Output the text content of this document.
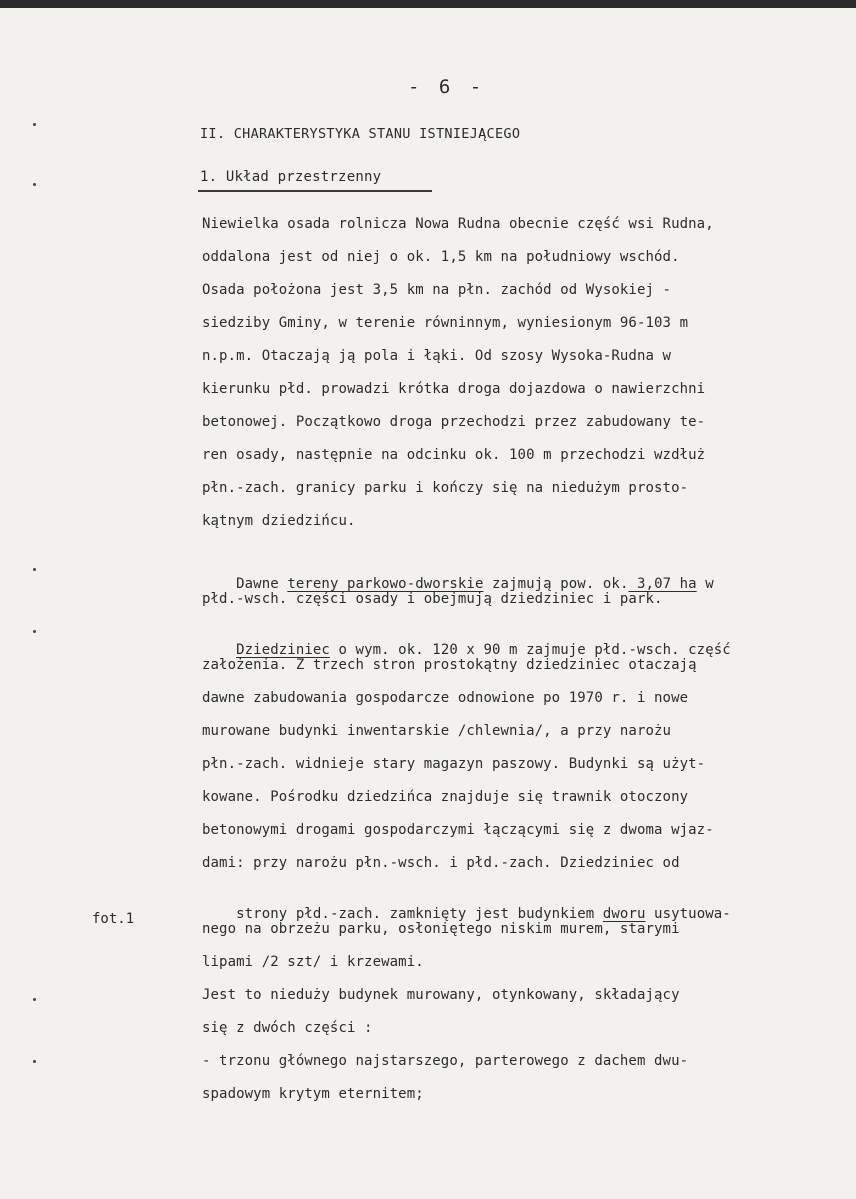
- 6 -
II. CHARAKTERYSTYKA STANU ISTNIEJĄCEGO
1. Układ przestrzenny
Niewielka osada rolnicza Nowa Rudna obecnie część wsi Rudna,
oddalona jest od niej o ok. 1,5 km na południowy wschód.
Osada położona jest 3,5 km na płn. zachód od Wysokiej -
siedziby Gminy, w terenie równinnym, wyniesionym 96-103 m
n.p.m. Otaczają ją pola i łąki. Od szosy Wysoka-Rudna w
kierunku płd. prowadzi krótka droga dojazdowa o nawierzchni
betonowej. Początkowo droga przechodzi przez zabudowany te-
ren osady, następnie na odcinku ok. 100 m przechodzi wzdłuż
płn.-zach. granicy parku i kończy się na niedużym prosto-
kątnym dziedzińcu.

Dawne tereny parkowo-dworskie zajmują pow. ok. 3,07 ha w

płd.-wsch. części osady i obejmują dziedziniec i park.

Dziedziniec o wym. ok. 120 x 90 m zajmuje płd.-wsch. część

założenia. Z trzech stron prostokątny dziedziniec otaczają
dawne zabudowania gospodarcze odnowione po 1970 r. i nowe
murowane budynki inwentarskie /chlewnia/, a przy narożu
płn.-zach. widnieje stary magazyn paszowy. Budynki są użyt-
kowane. Pośrodku dziedzińca znajduje się trawnik otoczony
betonowymi drogami gospodarczymi łączącymi się z dwoma wjaz-
dami: przy narożu płn.-wsch. i płd.-zach. Dziedziniec od
fot.1	strony płd.-zach. zamknięty jest budynkiem dworu usytuowa-

nego na obrzeżu parku, osłoniętego niskim murem, starymi
lipami /2 szt/ i krzewami.
Jest to nieduży budynek murowany, otynkowany, składający
się z dwóch części :
- trzonu głównego najstarszego, parterowego z dachem dwu-
spadowym krytym eternitem;
